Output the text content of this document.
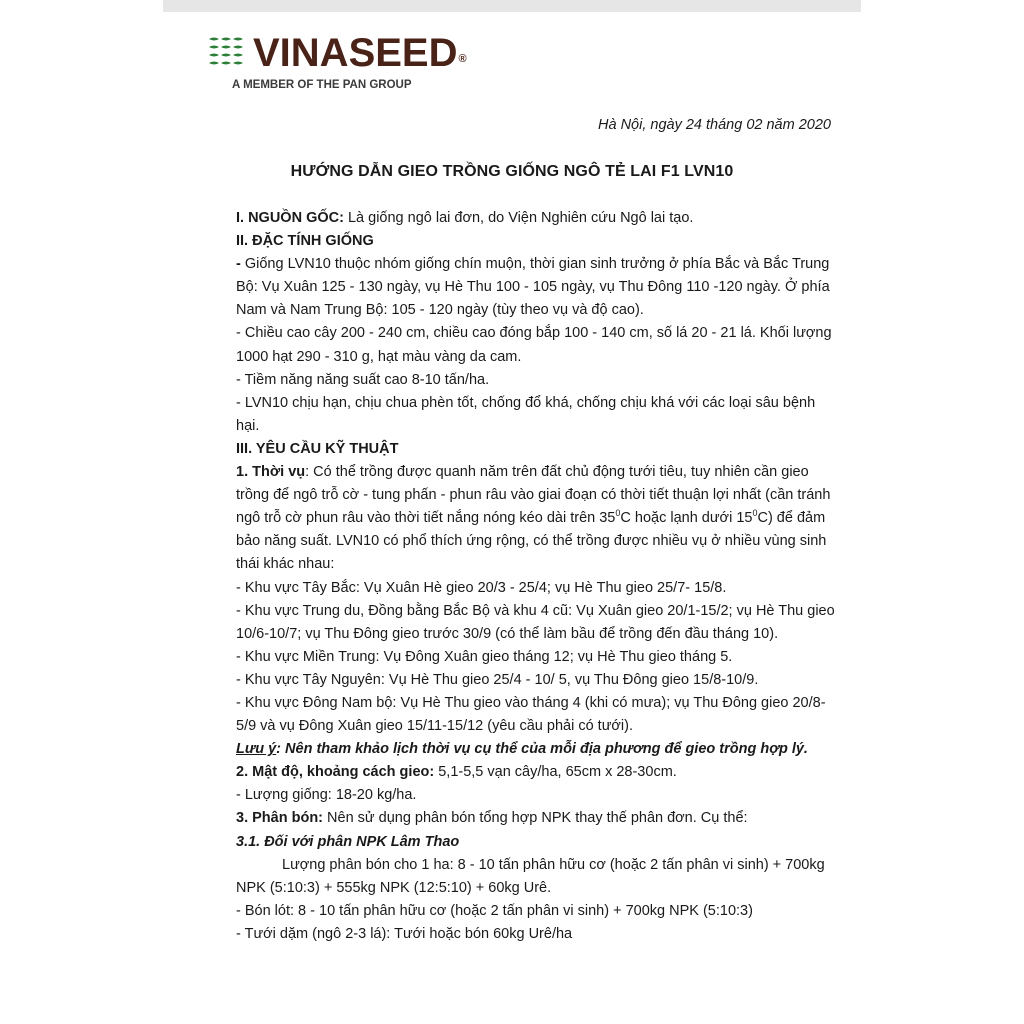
VINASEED®
A MEMBER OF THE PAN GROUP
Hà Nội, ngày 24 tháng 02 năm 2020
HƯỚNG DẪN GIEO TRỒNG GIỐNG NGÔ TẺ LAI F1 LVN10

I. NGUỒN GỐC: Là giống ngô lai đơn, do Viện Nghiên cứu Ngô lai tạo.

II. ĐẶC TÍNH GIỐNG

- Giống LVN10 thuộc nhóm giống chín muộn, thời gian sinh trưởng ở phía Bắc và Bắc Trung Bộ: Vụ Xuân 125 - 130 ngày, vụ Hè Thu 100 - 105 ngày, vụ Thu Đông 110 -120 ngày. Ở phía Nam và Nam Trung Bộ: 105 - 120 ngày (tùy theo vụ và độ cao).

- Chiều cao cây 200 - 240 cm, chiều cao đóng bắp 100 - 140 cm, số lá 20 - 21 lá. Khối lượng 1000 hạt 290 - 310 g, hạt màu vàng da cam.

- Tiềm năng năng suất cao 8-10 tấn/ha.

- LVN10 chịu hạn, chịu chua phèn tốt, chống đổ khá, chống chịu khá với các loại sâu bệnh hại.

III. YÊU CẦU KỸ THUẬT

1. Thời vụ: Có thể trồng được quanh năm trên đất chủ động tưới tiêu, tuy nhiên cần gieo trồng để ngô trỗ cờ - tung phấn - phun râu vào giai đoạn có thời tiết thuận lợi nhất (cần tránh ngô trỗ cờ phun râu vào thời tiết nắng nóng kéo dài trên $35^0C$ hoặc lạnh dưới $15^0C$) để đảm bảo năng suất. LVN10 có phổ thích ứng rộng, có thể trồng được nhiều vụ ở nhiều vùng sinh thái khác nhau:

- Khu vực Tây Bắc: Vụ Xuân Hè gieo 20/3 - 25/4; vụ Hè Thu gieo 25/7- 15/8.

- Khu vực Trung du, Đồng bằng Bắc Bộ và khu 4 cũ: Vụ Xuân gieo 20/1-15/2; vụ Hè Thu gieo 10/6-10/7; vụ Thu Đông gieo trước 30/9 (có thể làm bầu để trồng đến đầu tháng 10).

- Khu vực Miền Trung: Vụ Đông Xuân gieo tháng 12; vụ Hè Thu gieo tháng 5.

- Khu vực Tây Nguyên: Vụ Hè Thu gieo 25/4 - 10/ 5, vụ Thu Đông gieo 15/8-10/9.

- Khu vực Đông Nam bộ: Vụ Hè Thu gieo vào tháng 4 (khi có mưa); vụ Thu Đông gieo 20/8-5/9 và vụ Đông Xuân gieo 15/11-15/12 (yêu cầu phải có tưới).

Lưu ý: Nên tham khảo lịch thời vụ cụ thể của mỗi địa phương để gieo trồng hợp lý.

2. Mật độ, khoảng cách gieo: 5,1-5,5 vạn cây/ha, 65cm x 28-30cm.

- Lượng giống: 18-20 kg/ha.

3. Phân bón: Nên sử dụng phân bón tổng hợp NPK thay thế phân đơn. Cụ thể:

3.1. Đối với phân NPK Lâm Thao

Lượng phân bón cho 1 ha: 8 - 10 tấn phân hữu cơ (hoặc 2 tấn phân vi sinh) + 700kg NPK (5:10:3) + 555kg NPK (12:5:10) + 60kg Urê.

- Bón lót: 8 - 10 tấn phân hữu cơ (hoặc 2 tấn phân vi sinh) + 700kg NPK (5:10:3)

- Tưới dặm (ngô 2-3 lá): Tưới hoặc bón 60kg Urê/ha
